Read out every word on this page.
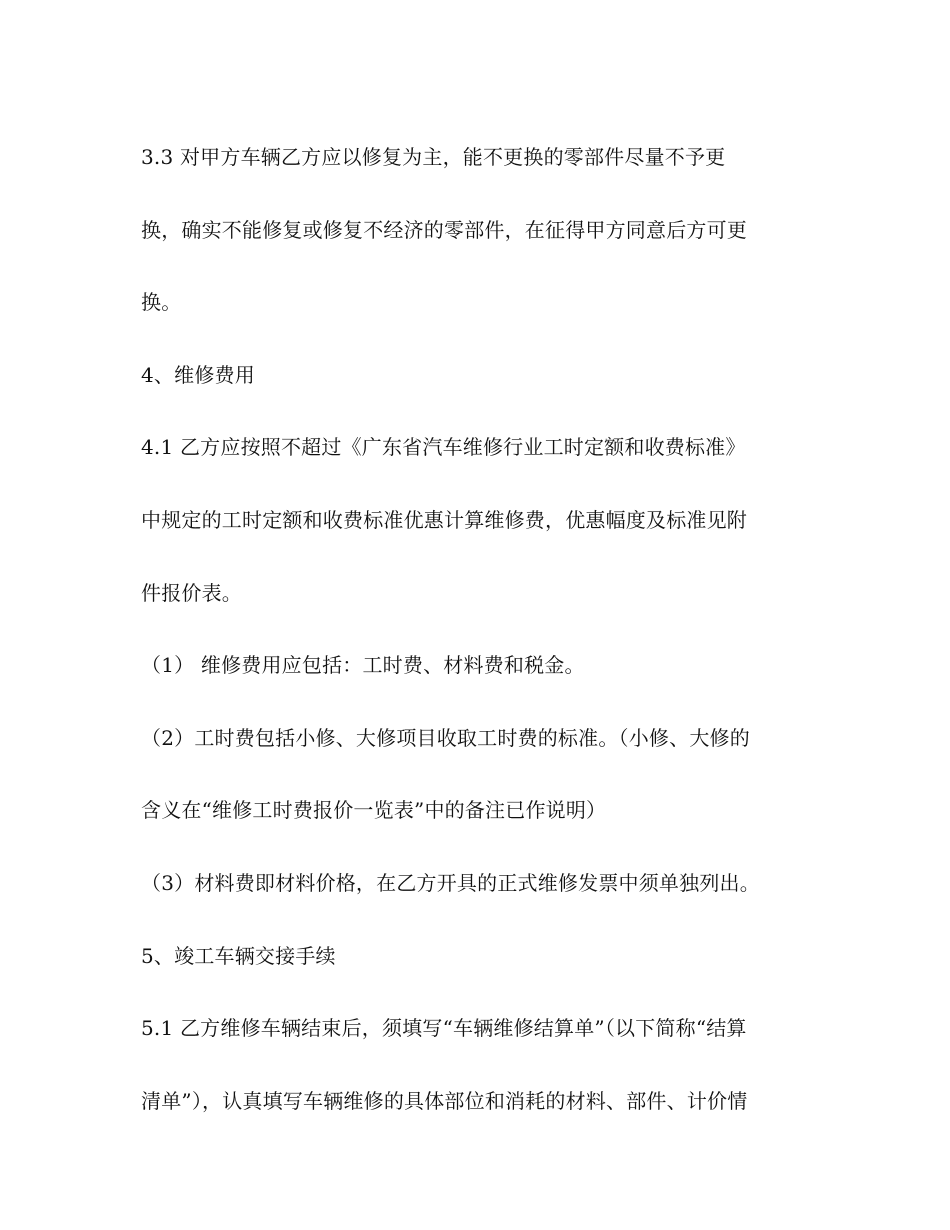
3.3 对甲方车辆乙方应以修复为主，能不更换的零部件尽量不予更

换，确实不能修复或修复不经济的零部件，在征得甲方同意后方可更

换。

4、维修费用

4.1 乙方应按照不超过《广东省汽车维修行业工时定额和收费标准》

中规定的工时定额和收费标准优惠计算维修费，优惠幅度及标准见附

件报价表。

（1） 维修费用应包括：工时费、材料费和税金。

（2）工时费包括小修、大修项目收取工时费的标准。（小修、大修的

含义在“维修工时费报价一览表”中的备注已作说明）

（3）材料费即材料价格，在乙方开具的正式维修发票中须单独列出。

5、竣工车辆交接手续

5.1 乙方维修车辆结束后，须填写“车辆维修结算单”（以下简称“结算

清单”），认真填写车辆维修的具体部位和消耗的材料、部件、计价情
